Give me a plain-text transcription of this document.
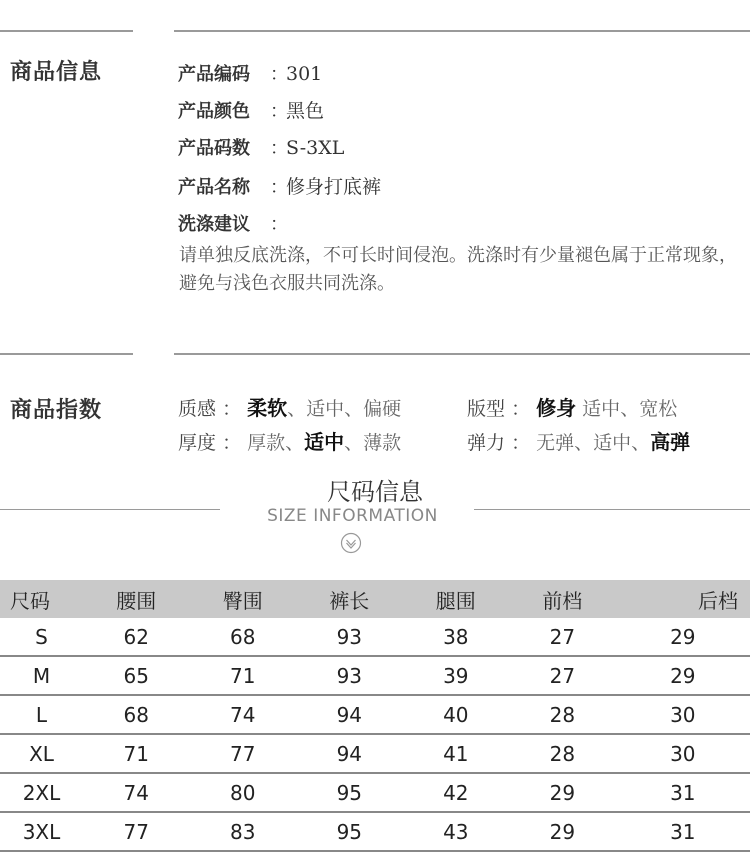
商品信息	产品编码	：
301
产品颜色	：
黑色
产品码数	：
S-3XL
产品名称	：
修身打底裤
洗涤建议	：
请单独反底洗涤，不可长时间侵泡。洗涤时有少量褪色属于正常现象，避免与浅色衣服共同洗涤。
商品指数	质感 ： 柔软、适中、偏硬	版型 ： 修身 适中、宽松
厚度 ： 厚款、适中、薄款	弹力 ： 无弹、适中、高弹
尺码信息
SIZE INFORMATION
尺码	腰围	臀围	裤长	腿围	前档	后档
S	62	68	93	38	27	29
M	65	71	93	39	27	29
L	68	74	94	40	28	30
XL	71	77	94	41	28	30
2XL	74	80	95	42	29	31
3XL	77	83	95	43	29	31
